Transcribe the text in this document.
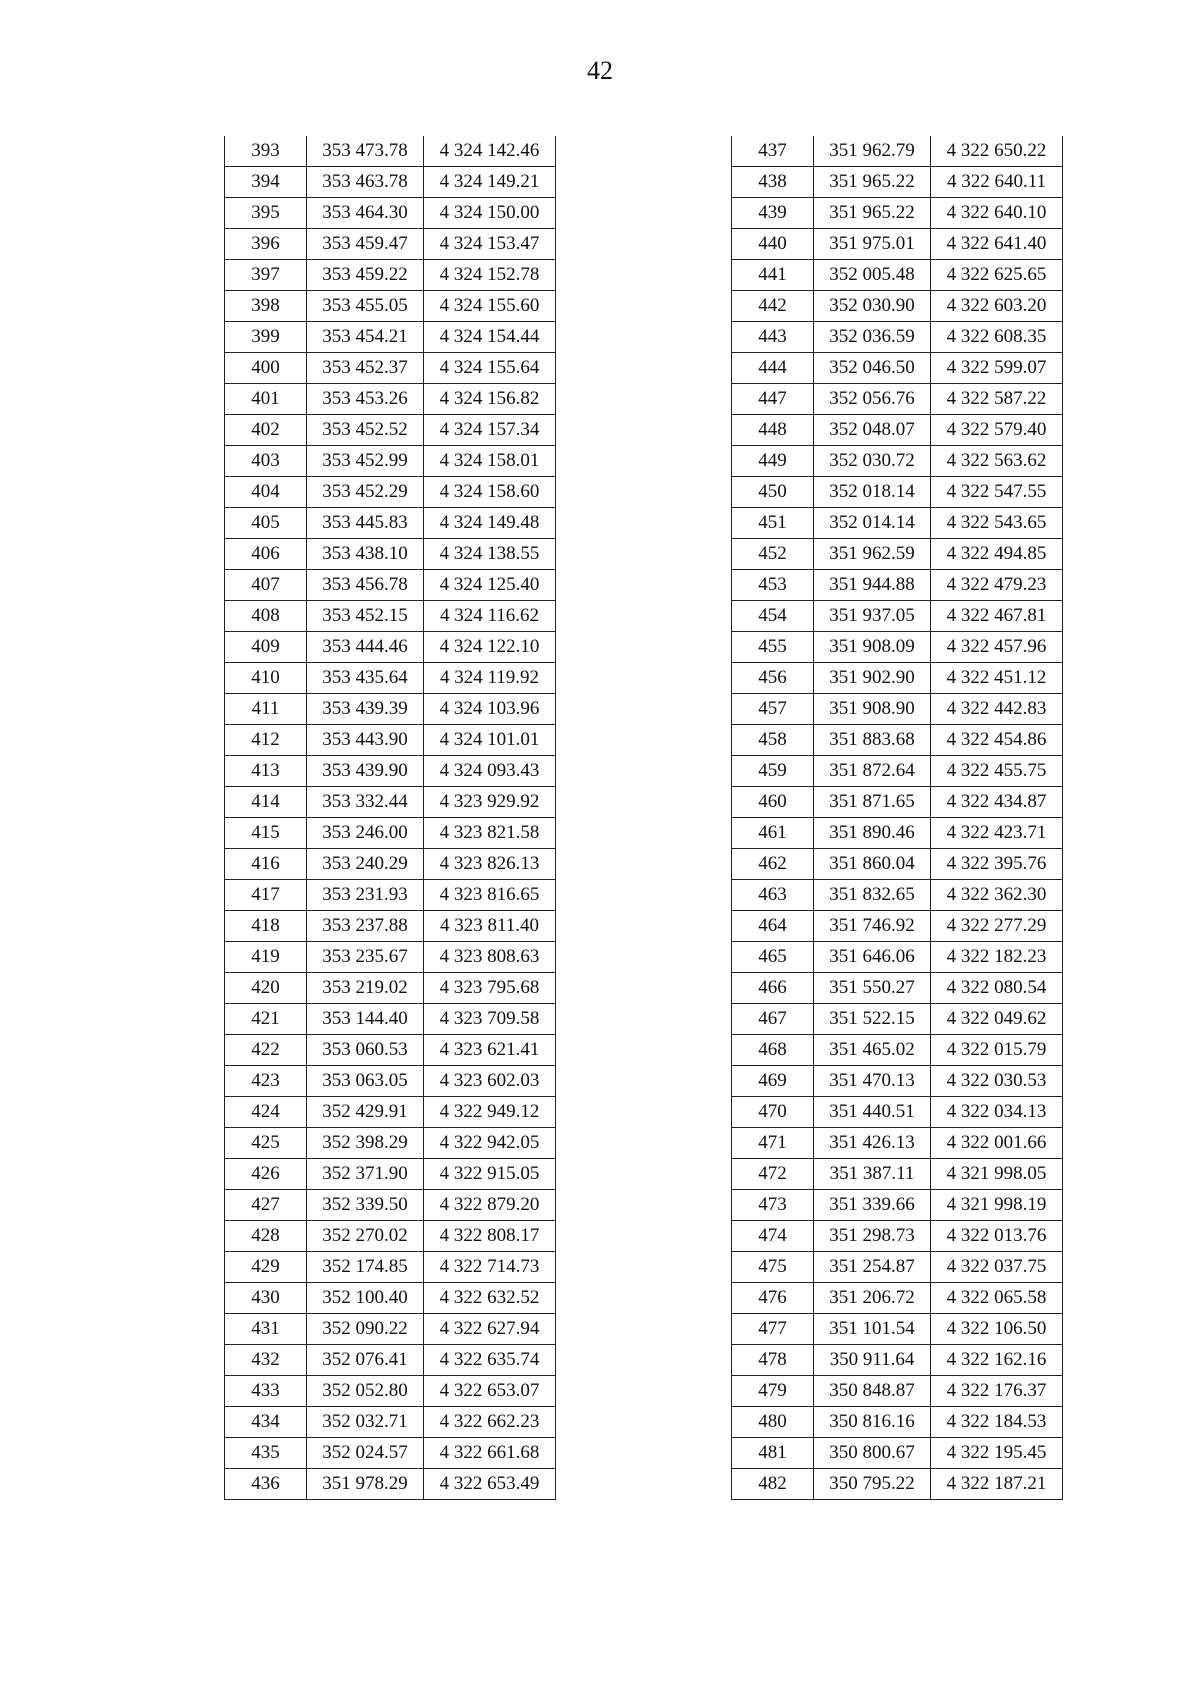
42
393	353 473.78	4 324 142.46
394	353 463.78	4 324 149.21
395	353 464.30	4 324 150.00
396	353 459.47	4 324 153.47
397	353 459.22	4 324 152.78
398	353 455.05	4 324 155.60
399	353 454.21	4 324 154.44
400	353 452.37	4 324 155.64
401	353 453.26	4 324 156.82
402	353 452.52	4 324 157.34
403	353 452.99	4 324 158.01
404	353 452.29	4 324 158.60
405	353 445.83	4 324 149.48
406	353 438.10	4 324 138.55
407	353 456.78	4 324 125.40
408	353 452.15	4 324 116.62
409	353 444.46	4 324 122.10
410	353 435.64	4 324 119.92
411	353 439.39	4 324 103.96
412	353 443.90	4 324 101.01
413	353 439.90	4 324 093.43
414	353 332.44	4 323 929.92
415	353 246.00	4 323 821.58
416	353 240.29	4 323 826.13
417	353 231.93	4 323 816.65
418	353 237.88	4 323 811.40
419	353 235.67	4 323 808.63
420	353 219.02	4 323 795.68
421	353 144.40	4 323 709.58
422	353 060.53	4 323 621.41
423	353 063.05	4 323 602.03
424	352 429.91	4 322 949.12
425	352 398.29	4 322 942.05
426	352 371.90	4 322 915.05
427	352 339.50	4 322 879.20
428	352 270.02	4 322 808.17
429	352 174.85	4 322 714.73
430	352 100.40	4 322 632.52
431	352 090.22	4 322 627.94
432	352 076.41	4 322 635.74
433	352 052.80	4 322 653.07
434	352 032.71	4 322 662.23
435	352 024.57	4 322 661.68
436	351 978.29	4 322 653.49
437	351 962.79	4 322 650.22
438	351 965.22	4 322 640.11
439	351 965.22	4 322 640.10
440	351 975.01	4 322 641.40
441	352 005.48	4 322 625.65
442	352 030.90	4 322 603.20
443	352 036.59	4 322 608.35
444	352 046.50	4 322 599.07
447	352 056.76	4 322 587.22
448	352 048.07	4 322 579.40
449	352 030.72	4 322 563.62
450	352 018.14	4 322 547.55
451	352 014.14	4 322 543.65
452	351 962.59	4 322 494.85
453	351 944.88	4 322 479.23
454	351 937.05	4 322 467.81
455	351 908.09	4 322 457.96
456	351 902.90	4 322 451.12
457	351 908.90	4 322 442.83
458	351 883.68	4 322 454.86
459	351 872.64	4 322 455.75
460	351 871.65	4 322 434.87
461	351 890.46	4 322 423.71
462	351 860.04	4 322 395.76
463	351 832.65	4 322 362.30
464	351 746.92	4 322 277.29
465	351 646.06	4 322 182.23
466	351 550.27	4 322 080.54
467	351 522.15	4 322 049.62
468	351 465.02	4 322 015.79
469	351 470.13	4 322 030.53
470	351 440.51	4 322 034.13
471	351 426.13	4 322 001.66
472	351 387.11	4 321 998.05
473	351 339.66	4 321 998.19
474	351 298.73	4 322 013.76
475	351 254.87	4 322 037.75
476	351 206.72	4 322 065.58
477	351 101.54	4 322 106.50
478	350 911.64	4 322 162.16
479	350 848.87	4 322 176.37
480	350 816.16	4 322 184.53
481	350 800.67	4 322 195.45
482	350 795.22	4 322 187.21
